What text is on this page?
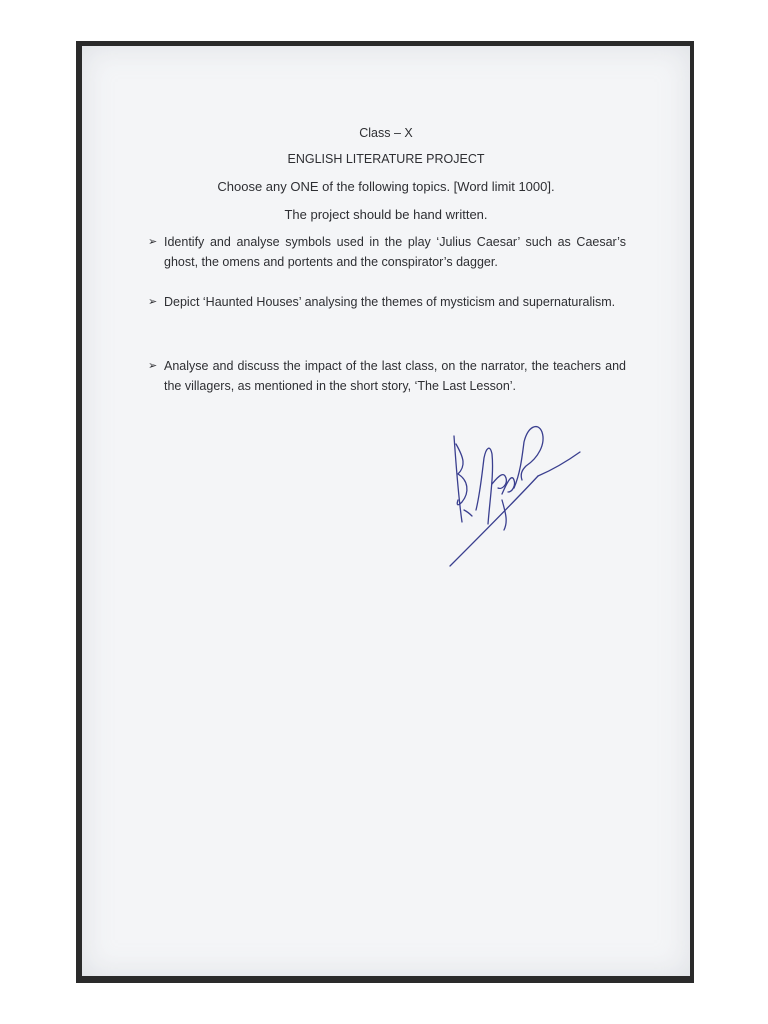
Class – X
ENGLISH LITERATURE PROJECT
Choose any ONE of the following topics. [Word limit 1000].
The project should be hand written.
➢ Identify and analyse symbols used in the play ‘Julius Caesar’ such as Caesar’s ghost, the omens and portents and the conspirator’s dagger.
➢ Depict ‘Haunted Houses’ analysing the themes of mysticism and supernaturalism.
➢ Analyse and discuss the impact of the last class, on the narrator, the teachers and the villagers, as mentioned in the short story, ‘The Last Lesson’.
